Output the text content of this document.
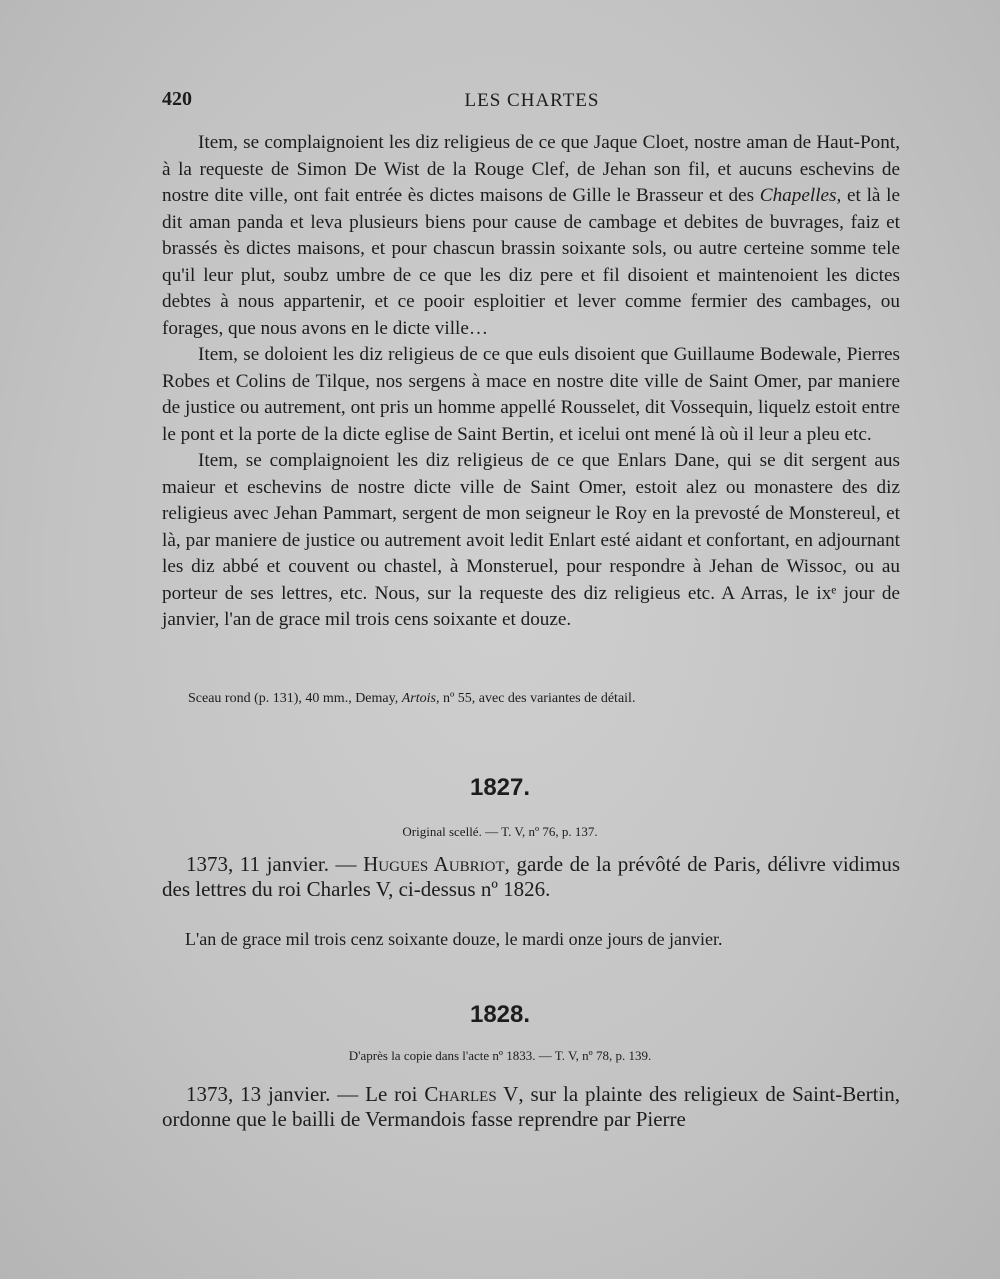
420	LES CHARTES

Item, se complaignoient les diz religieus de ce que Jaque Cloet, nostre aman de Haut-Pont, à la requeste de Simon De Wist de la Rouge Clef, de Jehan son fil, et aucuns eschevins de nostre dite ville, ont fait entrée ès dictes maisons de Gille le Brasseur et des Chapelles, et là le dit aman panda et leva plusieurs biens pour cause de cambage et debites de buvrages, faiz et brassés ès dictes maisons, et pour chascun brassin soixante sols, ou autre certeine somme tele qu'il leur plut, soubz umbre de ce que les diz pere et fil disoient et maintenoient les dictes debtes à nous appartenir, et ce pooir esploitier et lever comme fermier des cambages, ou forages, que nous avons en le dicte ville…

Item, se doloient les diz religieus de ce que euls disoient que Guillaume Bodewale, Pierres Robes et Colins de Tilque, nos sergens à mace en nostre dite ville de Saint Omer, par maniere de justice ou autrement, ont pris un homme appellé Rousselet, dit Vossequin, liquelz estoit entre le pont et la porte de la dicte eglise de Saint Bertin, et icelui ont mené là où il leur a pleu etc.

Item, se complaignoient les diz religieus de ce que Enlars Dane, qui se dit sergent aus maieur et eschevins de nostre dicte ville de Saint Omer, estoit alez ou monastere des diz religieus avec Jehan Pammart, sergent de mon seigneur le Roy en la prevosté de Monstereul, et là, par maniere de justice ou autrement avoit ledit Enlart esté aidant et confortant, en adjournant les diz abbé et couvent ou chastel, à Monsteruel, pour respondre à Jehan de Wissoc, ou au porteur de ses lettres, etc. Nous, sur la requeste des diz religieus etc. A Arras, le ixᵉ jour de janvier, l'an de grace mil trois cens soixante et douze.

Sceau rond (p. 131), 40 mm., Demay, Artois, nº 55, avec des variantes de détail.
1827.
Original scellé. — T. V, nº 76, p. 137.

1373, 11 janvier. — Hugues Aubriot, garde de la prévôté de Paris, délivre vidimus des lettres du roi Charles V, ci-dessus nº 1826.

L'an de grace mil trois cenz soixante douze, le mardi onze jours de janvier.
1828.
D'après la copie dans l'acte nº 1833. — T. V, nº 78, p. 139.

1373, 13 janvier. — Le roi Charles V, sur la plainte des religieux de Saint-Bertin, ordonne que le bailli de Vermandois fasse reprendre par Pierre
